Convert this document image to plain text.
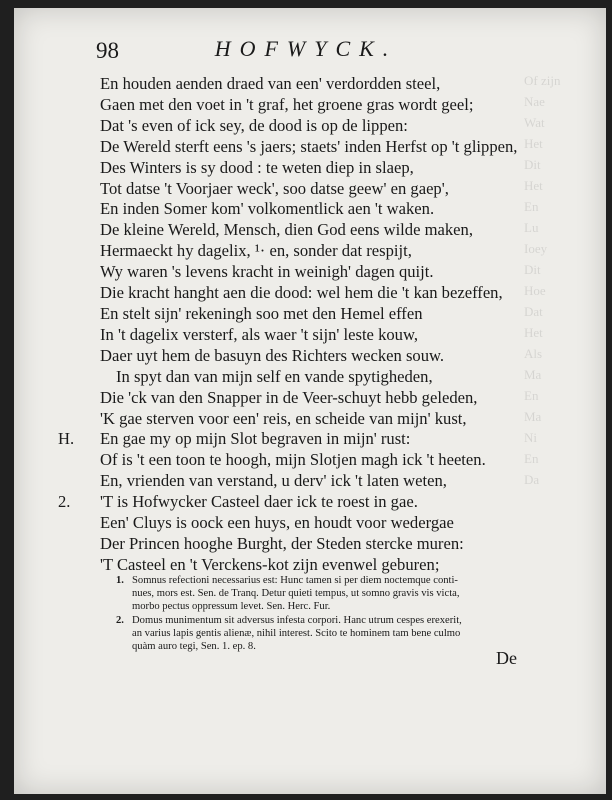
Of zijn
Nae
Wat
Het
Dit
Het
En
Lu
Ioey
Dit
Hoe
Dat
Het
Als
Ma
En
Ma
Ni
En
Da
98	HOFWYCK.
En houden aenden draed van een' verdordden steel,
Gaen met den voet in 't graf, het groene gras wordt geel;
Dat 's even of ick sey, de dood is op de lippen:
De Wereld sterft eens 's jaers; staets' inden Herfst op 't glippen,
Des Winters is sy dood : te weten diep in slaep,
Tot datse 't Voorjaer weck', soo datse geew' en gaep',
En inden Somer kom' volkomentlick aen 't waken.
De kleine Wereld, Mensch, dien God eens wilde maken,
Hermaeckt hy dagelix, ¹· en, sonder dat respijt,
Wy waren 's levens kracht in weinigh' dagen quijt.
Die kracht hanght aen die dood: wel hem die 't kan bezeffen,
En stelt sijn' rekeningh soo met den Hemel effen
In 't dagelix versterf, als waer 't sijn' leste kouw,
Daer uyt hem de basuyn des Richters wecken souw.
In spyt dan van mijn self en vande spytigheden,
Die 'ck van den Snapper in de Veer-schuyt hebb geleden,
'K gae sterven voor een' reis, en scheide van mijn' kust,
H. En gae my op mijn Slot begraven in mijn' rust:
Of is 't een toon te hoogh, mijn Slotjen magh ick 't heeten.
En, vrienden van verstand, u derv' ick 't laten weten,
2. 'T is Hofwycker Casteel daer ick te roest in gae.
Een' Cluys is oock een huys, en houdt voor wedergae
Der Princen hooghe Burght, der Steden stercke muren:
'T Casteel en 't Verckens-kot zijn evenwel geburen;
1. Somnus refectioni necessarius est: Hunc tamen si per diem noctemque conti-
nues, mors est. Sen. de Tranq. Detur quieti tempus, ut somno gravis vis victa,
morbo pectus oppressum levet. Sen. Herc. Fur.
2. Domus munimentum sit adversus infesta corpori. Hanc utrum cespes erexerit,
an varius lapis gentis alienæ, nihil interest. Scito te hominem tam bene culmo
quàm auro tegi, Sen. 1. ep. 8.
De
